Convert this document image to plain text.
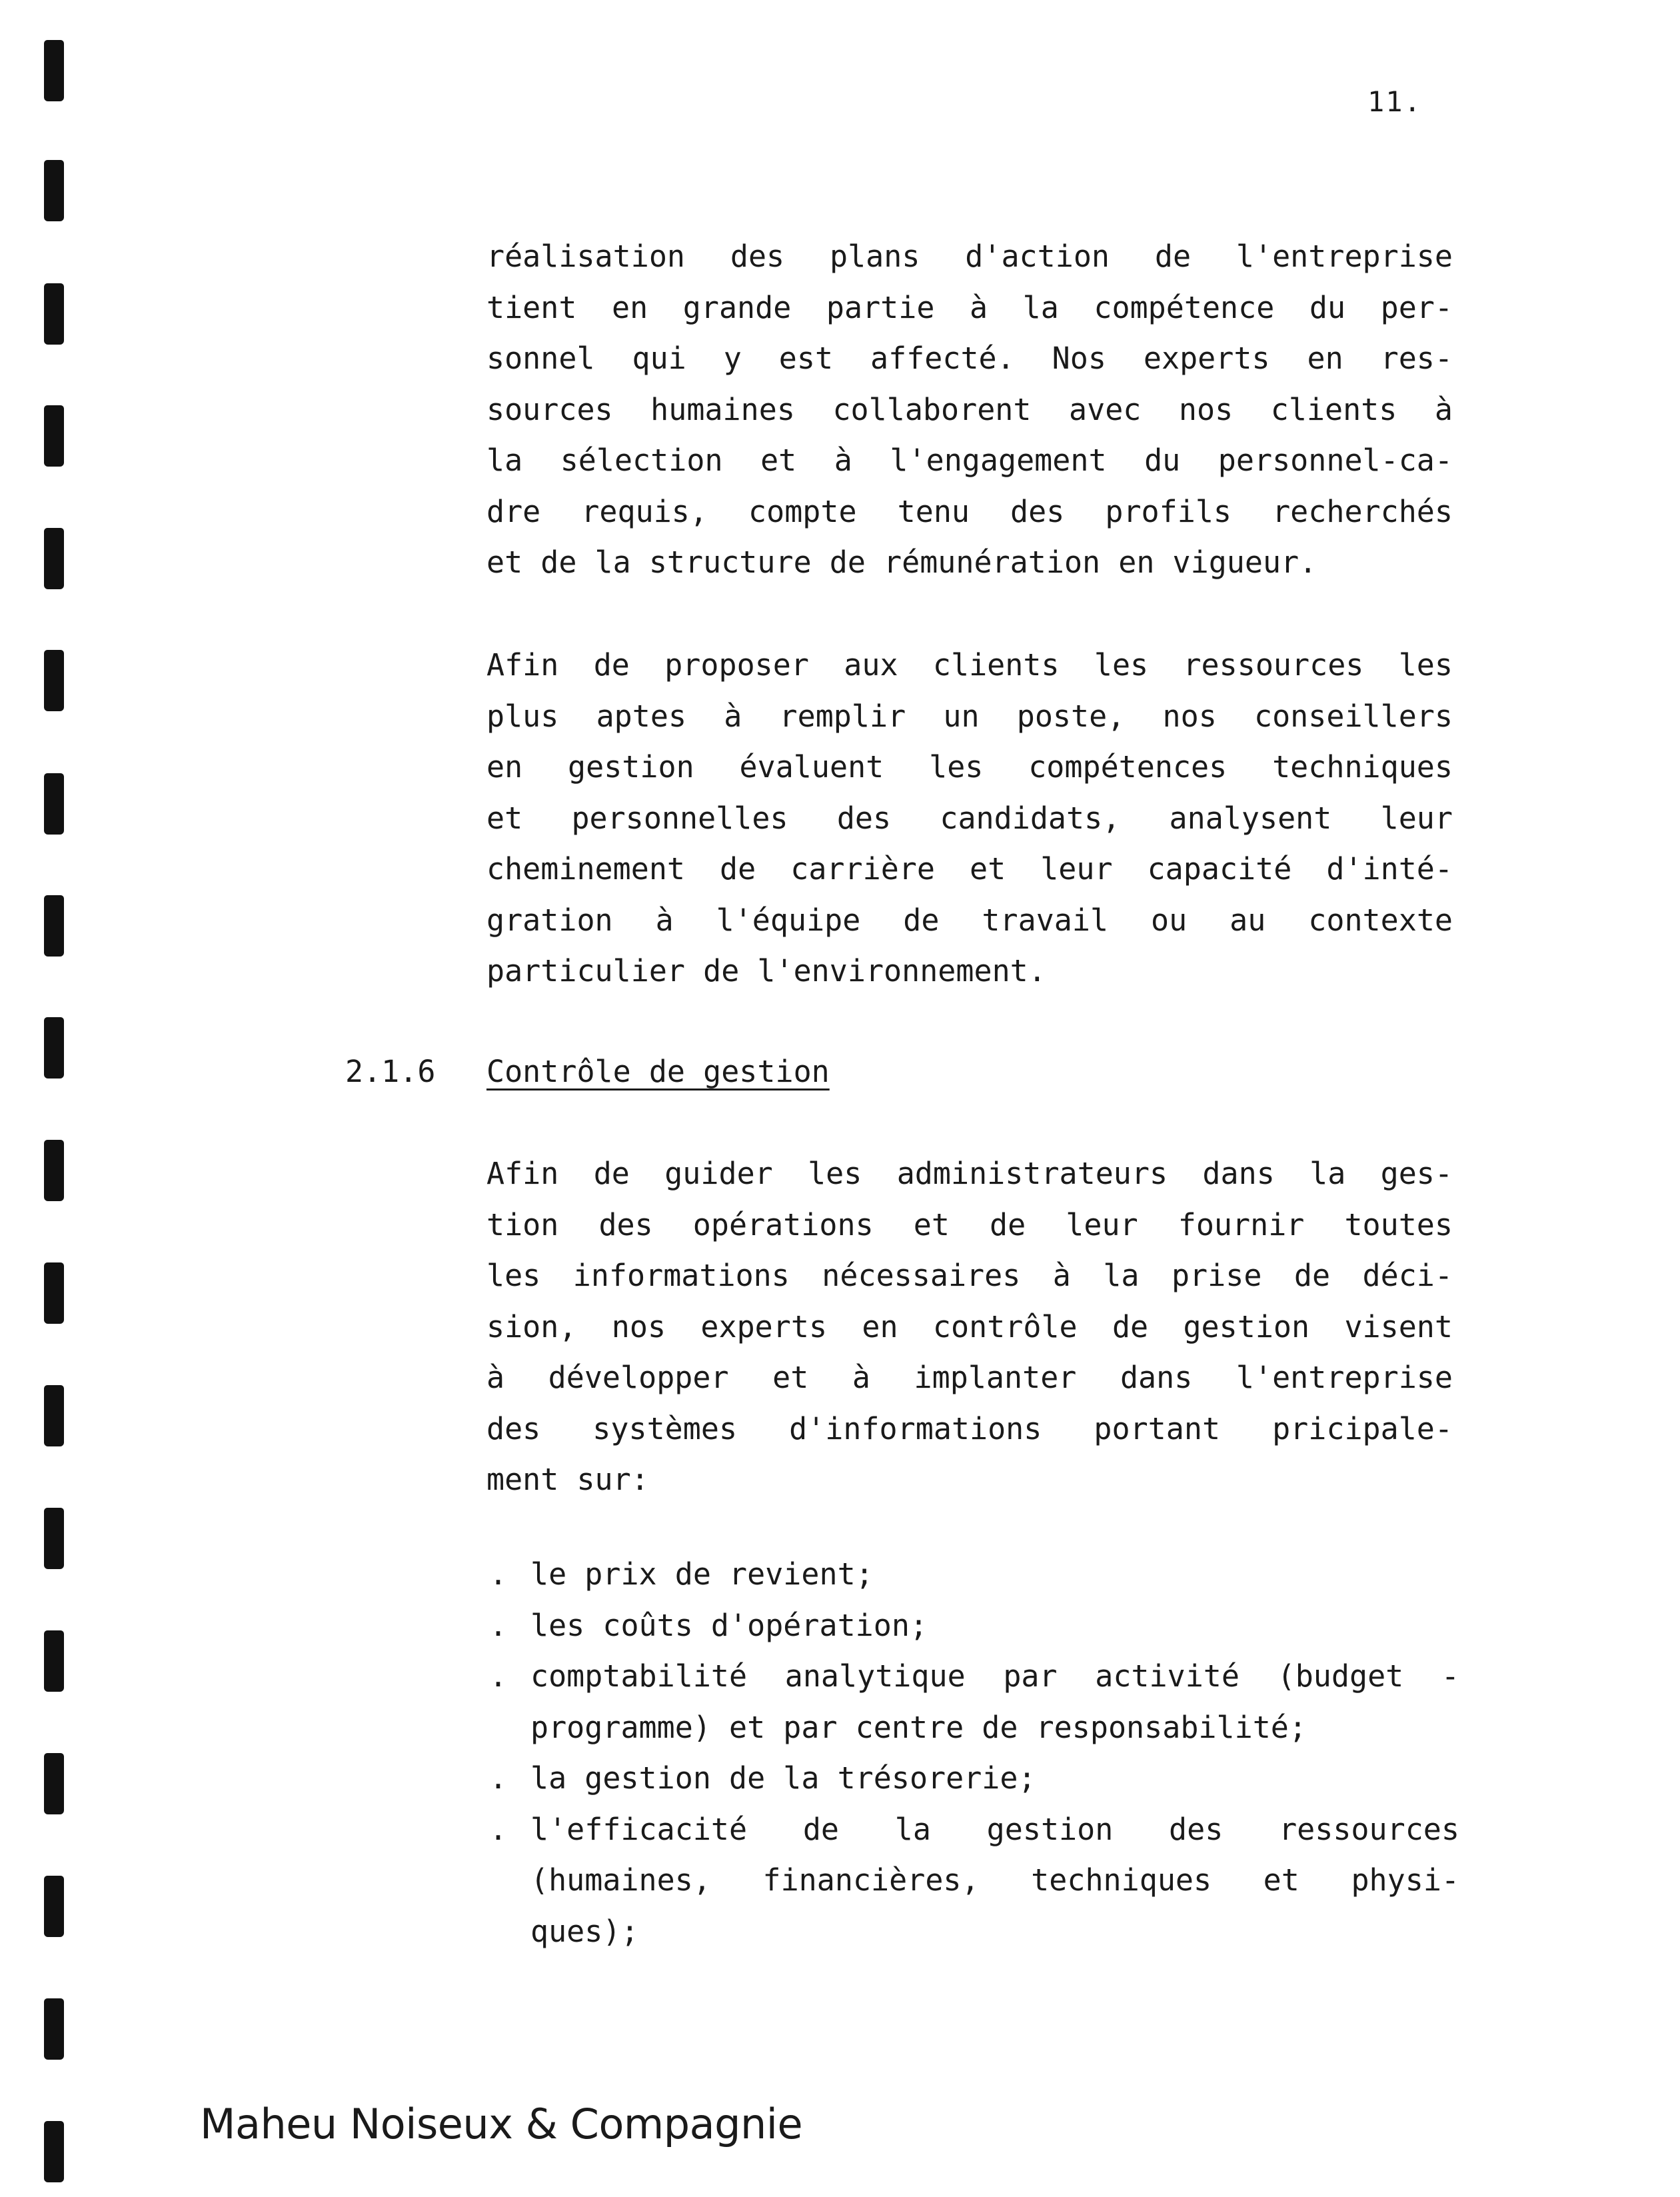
11.

réalisation des plans d'action de l'entreprise
tient en grande partie à la compétence du per-
sonnel qui y est affecté. Nos experts en res-
sources humaines collaborent avec nos clients à
la sélection et à l'engagement du personnel-ca-
dre requis, compte tenu des profils recherchés
et de la structure de rémunération en vigueur.

Afin de proposer aux clients les ressources les
plus aptes à remplir un poste, nos conseillers
en gestion évaluent les compétences techniques
et personnelles des candidats, analysent leur
cheminement de carrière et leur capacité d'inté-
gration à l'équipe de travail ou au contexte
particulier de l'environnement.

2.1.6 Contrôle de gestion

Afin de guider les administrateurs dans la ges-
tion des opérations et de leur fournir toutes
les informations nécessaires à la prise de déci-
sion, nos experts en contrôle de gestion visent
à développer et à implanter dans l'entreprise
des systèmes d'informations portant pricipale-
ment sur:

. le prix de revient;
. les coûts d'opération;
. comptabilité analytique par activité (budget -
programme) et par centre de responsabilité;
. la gestion de la trésorerie;
. l'efficacité de la gestion des ressources
(humaines, financières, techniques et physi-
ques);
Maheu Noiseux & Compagnie
